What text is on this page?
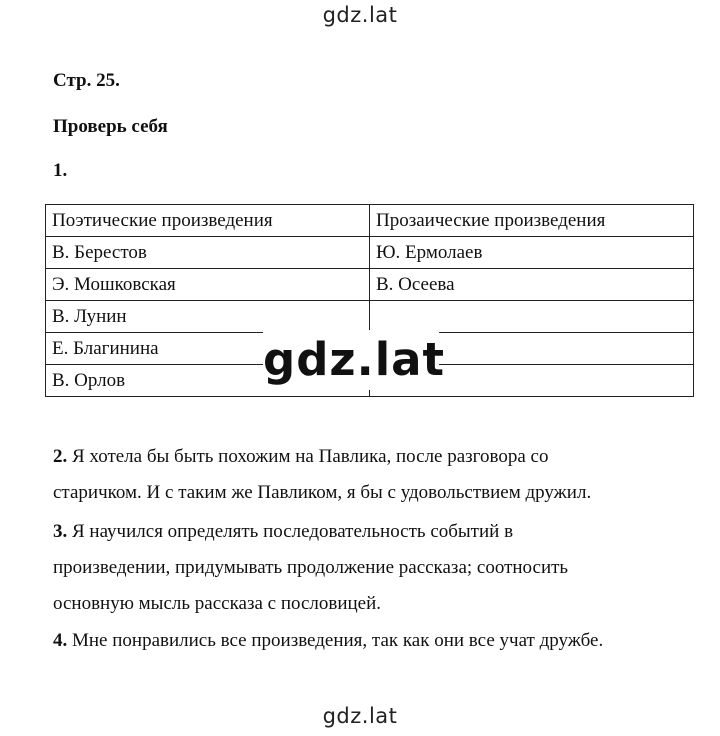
gdz.lat
Стр. 25.
Проверь себя
1.
Поэтические произведения	Прозаические произведения
В. Берестов	Ю. Ермолаев
Э. Мошковская	В. Осеева
В. Лунин	
Е. Благинина	
В. Орлов		gdz.lat
2. Я хотела бы быть похожим на Павлика, после разговора со
старичком. И с таким же Павликом, я бы с удовольствием дружил.
3. Я научился определять последовательность событий в
произведении, придумывать продолжение рассказа; соотносить
основную мысль рассказа с пословицей.
4. Мне понравились все произведения, так как они все учат дружбе.
gdz.lat
